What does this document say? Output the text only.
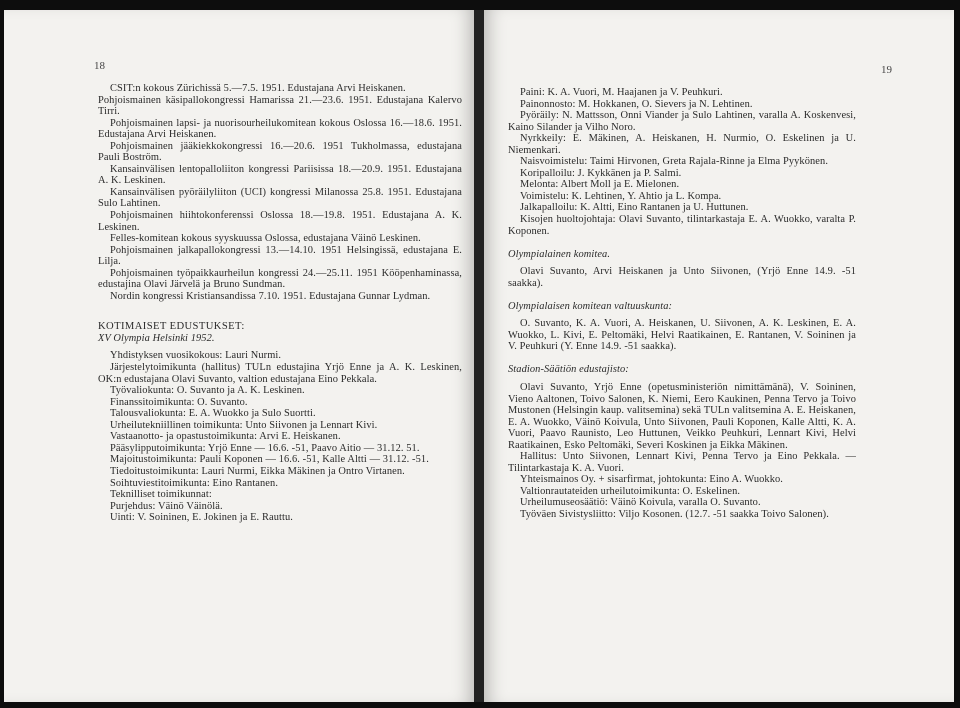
18

CSIT:n kokous Zürichissä 5.—7.5. 1951. Edustajana Arvi Heiskanen.

Pohjoismainen käsipallokongressi Hamarissa 21.—23.6. 1951. Edustajana Kalervo Tirri.

Pohjoismainen lapsi- ja nuorisourheilukomitean kokous Oslossa 16.—18.6. 1951. Edustajana Arvi Heiskanen.

Pohjoismainen jääkiekkokongressi 16.—20.6. 1951 Tukholmassa, edustajana Pauli Boström.

Kansainvälisen lentopalloliiton kongressi Pariisissa 18.—20.9. 1951. Edustajana A. K. Leskinen.

Kansainvälisen pyöräilyliiton (UCI) kongressi Milanossa 25.8. 1951. Edustajana Sulo Lahtinen.

Pohjoismainen hiihtokonferenssi Oslossa 18.—19.8. 1951. Edustajana A. K. Leskinen.

Felles-komitean kokous syyskuussa Oslossa, edustajana Väinö Leskinen.

Pohjoismainen jalkapallokongressi 13.—14.10. 1951 Helsingissä, edustajana E. Lilja.

Pohjoismainen työpaikkaurheilun kongressi 24.—25.11. 1951 Kööpenhaminassa, edustajina Olavi Järvelä ja Bruno Sundman.

Nordin kongressi Kristiansandissa 7.10. 1951. Edustajana Gunnar Lydman.

KOTIMAISET EDUSTUKSET:

XV Olympia Helsinki 1952.

Yhdistyksen vuosikokous: Lauri Nurmi.

Järjestelytoimikunta (hallitus) TULn edustajina Yrjö Enne ja A. K. Leskinen, OK:n edustajana Olavi Suvanto, valtion edustajana Eino Pekkala.

Työvaliokunta: O. Suvanto ja A. K. Leskinen.

Finanssitoimikunta: O. Suvanto.

Talousvaliokunta: E. A. Wuokko ja Sulo Suortti.

Urheilutekniillinen toimikunta: Unto Siivonen ja Lennart Kivi.

Vastaanotto- ja opastustoimikunta: Arvi E. Heiskanen.

Pääsylipputoimikunta: Yrjö Enne — 16.6. -51, Paavo Aitio — 31.12. 51.

Majoitustoimikunta: Pauli Koponen — 16.6. -51, Kalle Altti — 31.12. -51.

Tiedoitustoimikunta: Lauri Nurmi, Eikka Mäkinen ja Ontro Virtanen.

Soihtuviestitoimikunta: Eino Rantanen.

Teknilliset toimikunnat:

Purjehdus: Väinö Väinölä.

Uinti: V. Soininen, E. Jokinen ja E. Rauttu.

19

Paini: K. A. Vuori, M. Haajanen ja V. Peuhkuri.

Painonnosto: M. Hokkanen, O. Sievers ja N. Lehtinen.

Pyöräily: N. Mattsson, Onni Viander ja Sulo Lahtinen, varalla A. Koskenvesi, Kaino Silander ja Vilho Noro.

Nyrkkeily: E. Mäkinen, A. Heiskanen, H. Nurmio, O. Eskelinen ja U. Niemenkari.

Naisvoimistelu: Taimi Hirvonen, Greta Rajala-Rinne ja Elma Pyykönen.

Koripalloilu: J. Kykkänen ja P. Salmi.

Melonta: Albert Moll ja E. Mielonen.

Voimistelu: K. Lehtinen, Y. Ahtio ja L. Kompa.

Jalkapalloilu: K. Altti, Eino Rantanen ja U. Huttunen.

Kisojen huoltojohtaja: Olavi Suvanto, tilintarkastaja E. A. Wuokko, varalta P. Koponen.

Olympialainen komitea.

Olavi Suvanto, Arvi Heiskanen ja Unto Siivonen, (Yrjö Enne 14.9. -51 saakka).

Olympialaisen komitean valtuuskunta:

O. Suvanto, K. A. Vuori, A. Heiskanen, U. Siivonen, A. K. Leskinen, E. A. Wuokko, L. Kivi, E. Peltomäki, Helvi Raatikainen, E. Rantanen, V. Soininen ja V. Peuhkuri (Y. Enne 14.9. -51 saakka).

Stadion-Säätiön edustajisto:

Olavi Suvanto, Yrjö Enne (opetusministeriön nimittämänä), V. Soininen, Vieno Aaltonen, Toivo Salonen, K. Niemi, Eero Kaukinen, Penna Tervo ja Toivo Mustonen (Helsingin kaup. valitsemina) sekä TULn valitsemina A. E. Heiskanen, E. A. Wuokko, Väinö Koivula, Unto Siivonen, Pauli Koponen, Kalle Altti, K. A. Vuori, Paavo Raunisto, Leo Huttunen, Veikko Peuhkuri, Lennart Kivi, Helvi Raatikainen, Esko Peltomäki, Severi Koskinen ja Eikka Mäkinen.

Hallitus: Unto Siivonen, Lennart Kivi, Penna Tervo ja Eino Pekkala. — Tilintarkastaja K. A. Vuori.

Yhteismainos Oy. + sisarfirmat, johtokunta: Eino A. Wuokko.

Valtionrautateiden urheilutoimikunta: O. Eskelinen.

Urheilumuseosäätiö: Väinö Koivula, varalla O. Suvanto.

Työväen Sivistysliitto: Viljo Kosonen. (12.7. -51 saakka Toivo Salonen).
